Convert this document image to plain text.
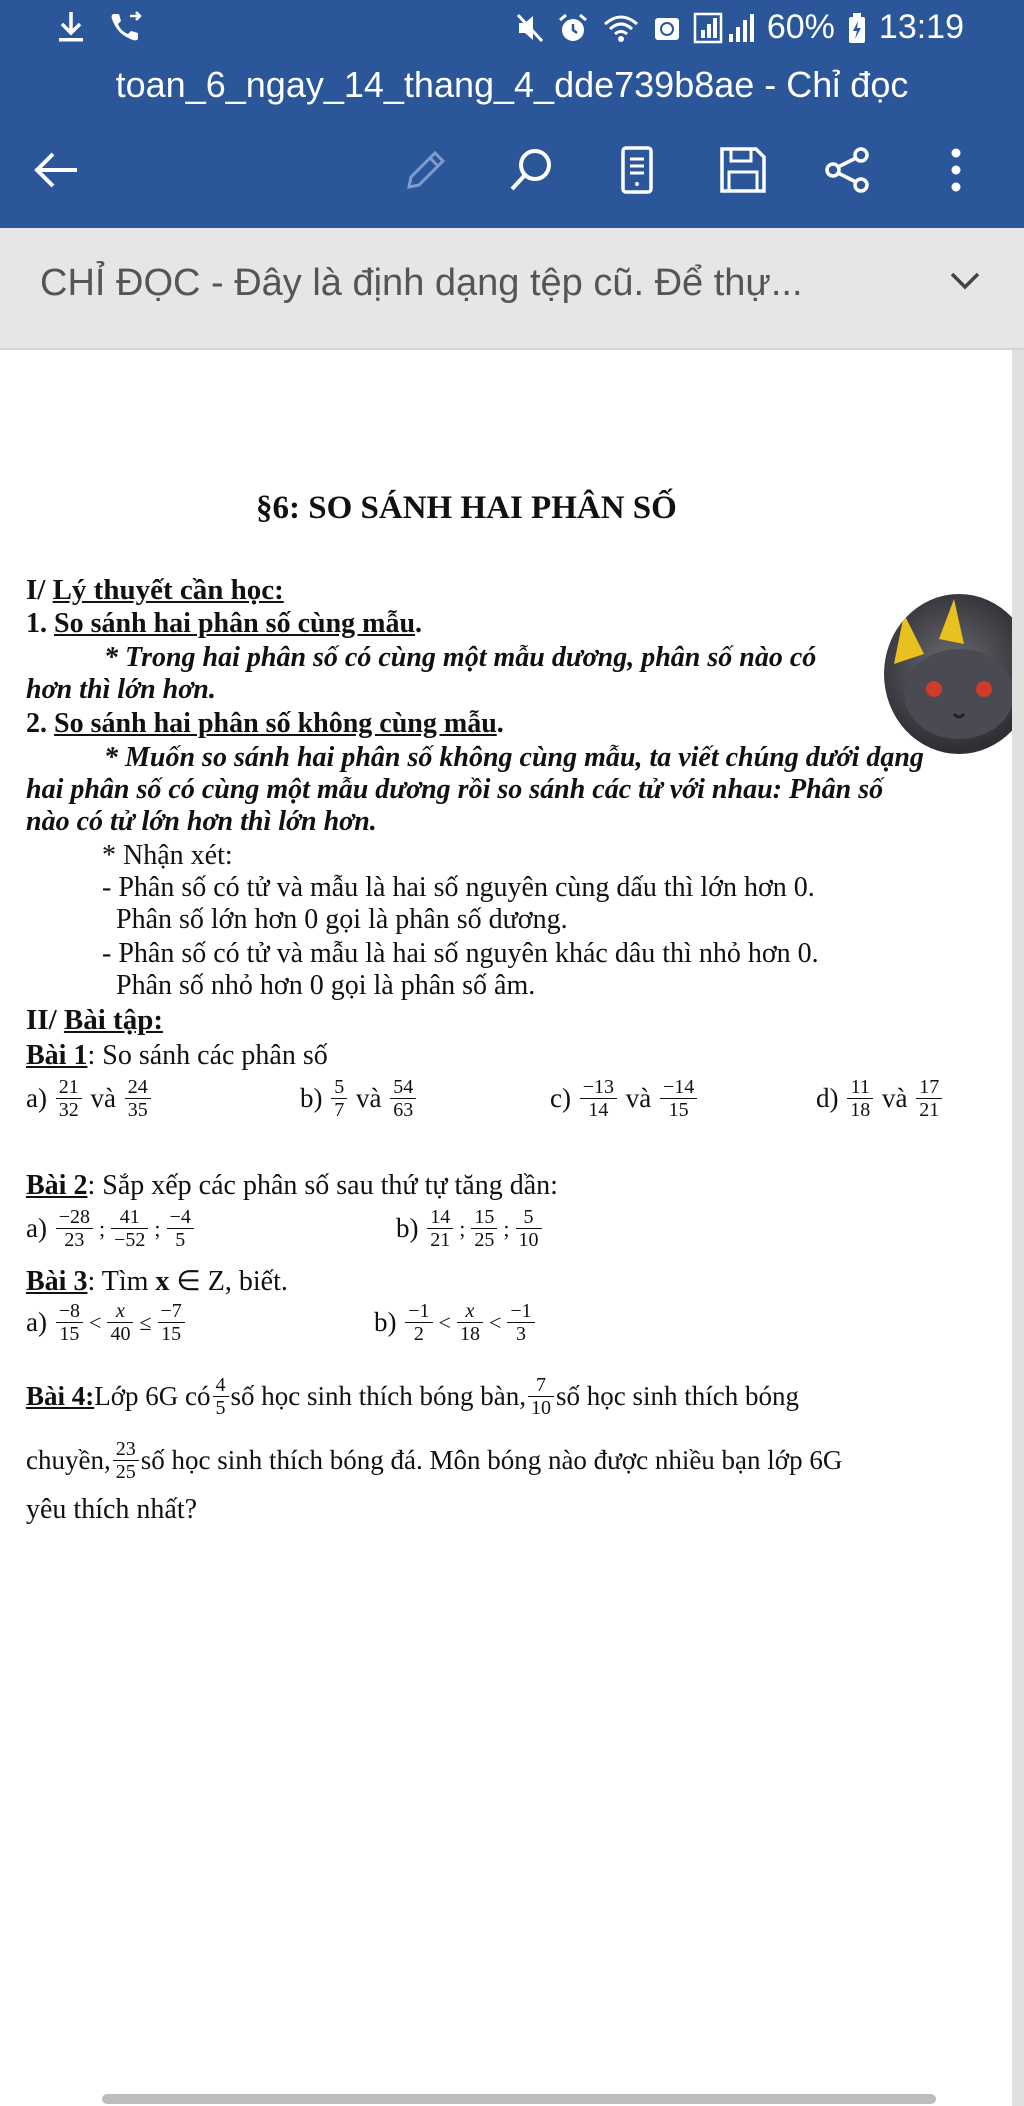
60% 13:19
toan_6_ngay_14_thang_4_dde739b8ae - Chỉ đọc
CHỈ ĐỌC - Đây là định dạng tệp cũ. Để thự...
§6: SO SÁNH HAI PHÂN SỐ
I/ Lý thuyết cần học:
1. So sánh hai phân số cùng mẫu.
* Trong hai phân số có cùng một mẫu dương, phân số nào có
hơn thì lớn hơn.
2. So sánh hai phân số không cùng mẫu.
* Muốn so sánh hai phân số không cùng mẫu, ta viết chúng dưới dạng
hai phân số có cùng một mẫu dương rồi so sánh các tử với nhau: Phân số
nào có tử lớn hơn thì lớn hơn.
* Nhận xét:
- Phân số có tử và mẫu là hai số nguyên cùng dấu thì lớn hơn 0.
Phân số lớn hơn 0 gọi là phân số dương.
- Phân số có tử và mẫu là hai số nguyên khác dâu thì nhỏ hơn 0.
Phân số nhỏ hơn 0 gọi là phân số âm.
II/ Bài tập:
Bài 1: So sánh các phân số
a)
$\frac{21}{32}$
và
$\frac{24}{35}$	b)
$\frac{5}{7}$
và
$\frac{54}{63}$	c)
$\frac{-13}{14}$
và
$\frac{-14}{15}$	d)
$\frac{11}{18}$
và
$\frac{17}{21}$
Bài 2: Sắp xếp các phân số sau thứ tự tăng dần:
a)
$\frac{-28}{23}$ ; $\frac{41}{-52}$ ; $\frac{-4}{5}$	b)
$\frac{14}{21}$ ; $\frac{15}{25}$ ; $\frac{5}{10}$
Bài 3: Tìm x ∈ Z, biết.
a)
$\frac{-8}{15} < \frac{x}{40} \le \frac{-7}{15}$	b)
$\frac{-1}{2} < \frac{x}{18} < \frac{-1}{3}$
Bài 4: Lớp 6G có $\frac{4}{5}$ số học sinh thích bóng bàn, $\frac{7}{10}$ số học sinh thích bóng
chuyền, $\frac{23}{25}$ số học sinh thích bóng đá. Môn bóng nào được nhiều bạn lớp 6G
yêu thích nhất?
